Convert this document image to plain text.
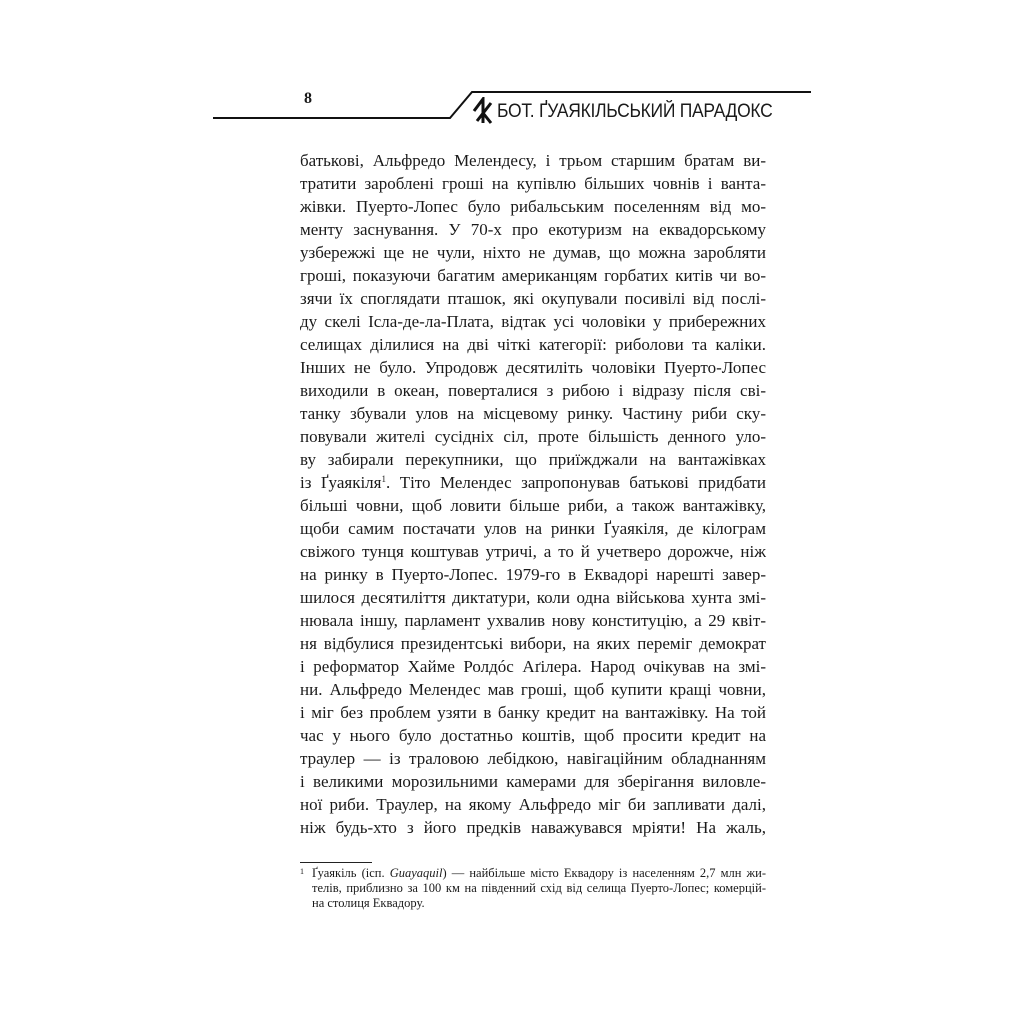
8
БОТ. ҐУАЯКІЛЬСЬКИЙ ПАРАДОКС
батькові, Альфредо Мелендесу, і трьом старшим братам ви-
тратити зароблені гроші на купівлю більших човнів і ванта-
жівки. Пуерто-Лопес було рибальським поселенням від мо-
менту заснування. У 70-х про екотуризм на еквадорському
узбережжі ще не чули, ніхто не думав, що можна заробляти
гроші, показуючи багатим американцям горбатих китів чи во-
зячи їх споглядати пташок, які окупували посивілі від послі-
ду скелі Ісла-де-ла-Плата, відтак усі чоловіки у прибережних
селищах ділилися на дві чіткі категорії: риболови та каліки.
Інших не було. Упродовж десятиліть чоловіки Пуерто-Лопес
виходили в океан, поверталися з рибою і відразу після сві-
танку збували улов на місцевому ринку. Частину риби ску-
повували жителі сусідніх сіл, проте більшість денного уло-
ву забирали перекупники, що приїжджали на вантажівках
із Ґуаякіля$^1$. Тіто Мелендес запропонував батькові придбати
більші човни, щоб ловити більше риби, а також вантажівку,
щоби самим постачати улов на ринки Ґуаякіля, де кілограм
свіжого тунця коштував утричі, а то й учетверо дорожче, ніж
на ринку в Пуерто-Лопес. 1979-го в Еквадорі нарешті завер-
шилося десятиліття диктатури, коли одна військова хунта змі-
нювала іншу, парламент ухвалив нову конституцію, а 29 квіт-
ня відбулися президентські вибори, на яких переміг демократ
і реформатор Хайме Ролдóс Аґілера. Народ очікував на змі-
ни. Альфредо Мелендес мав гроші, щоб купити кращі човни,
і міг без проблем узяти в банку кредит на вантажівку. На той
час у нього було достатньо коштів, щоб просити кредит на
траулер — із траловою лебідкою, навігаційним обладнанням
і великими морозильними камерами для зберігання виловле-
ної риби. Траулер, на якому Альфредо міг би запливати далі,
ніж будь-хто з його предків наважувався мріяти! На жаль,
1 Ґуаякіль (ісп. Guayaquil) — найбільше місто Еквадору із населенням 2,7 млн жи-
телів, приблизно за 100 км на південний схід від селища Пуерто-Лопес; комерцій-
на столиця Еквадору.
